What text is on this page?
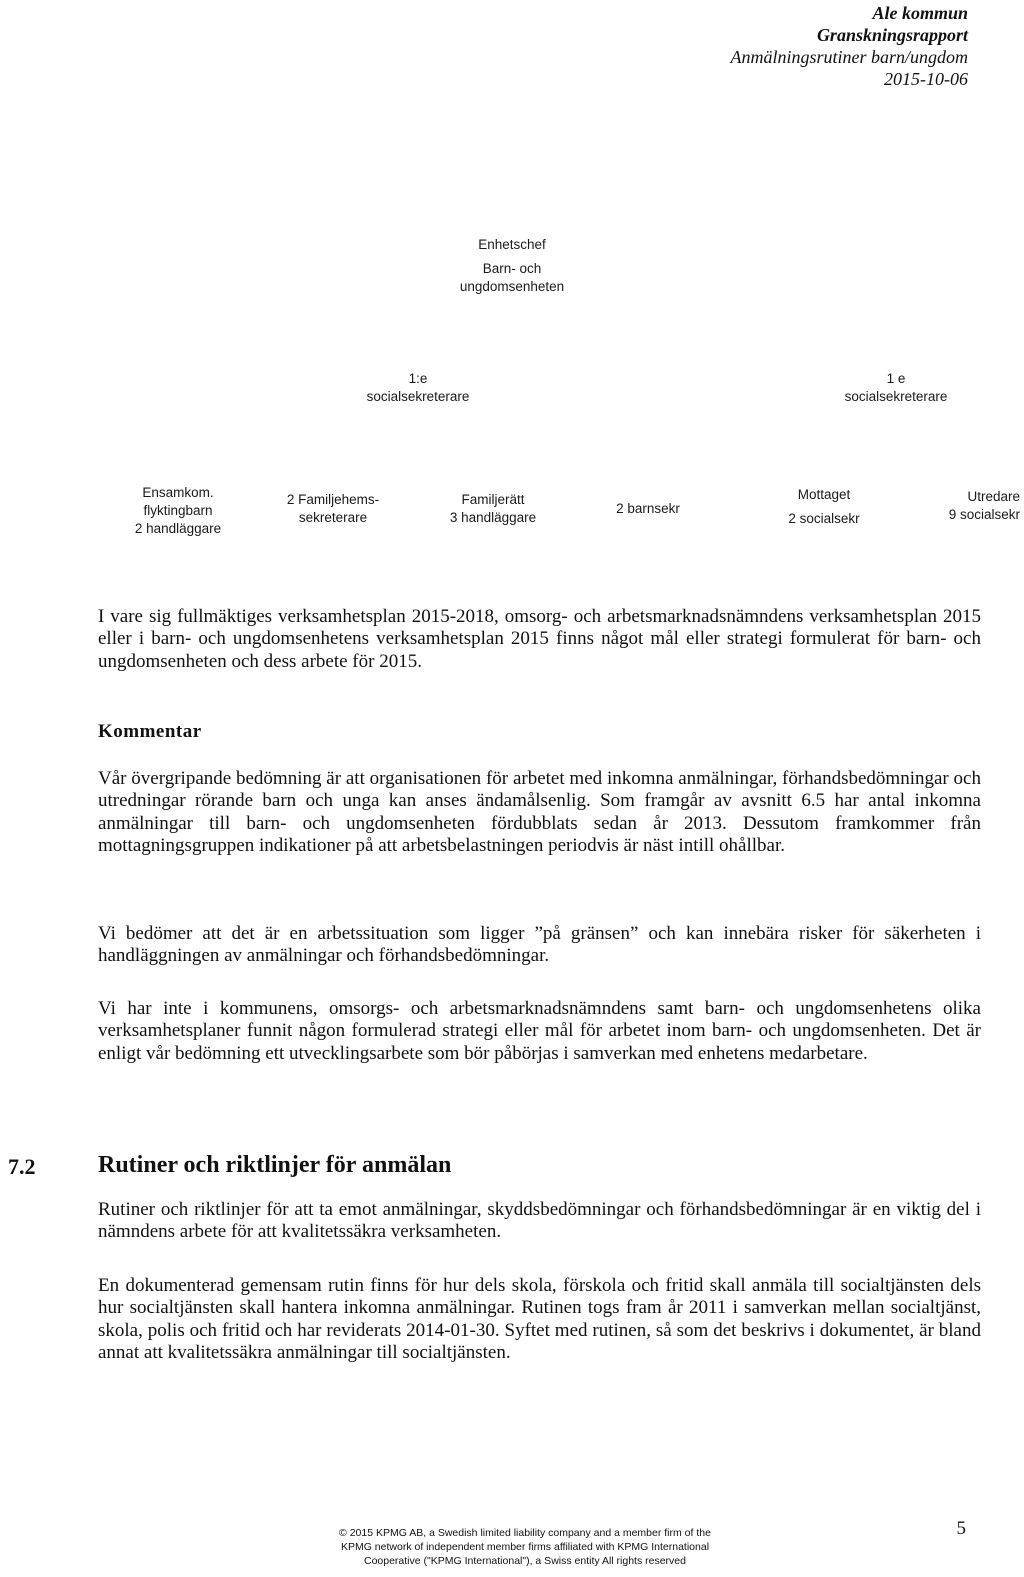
Ale kommun
Granskningsrapport
Anmälningsrutiner barn/ungdom
2015-10-06
Enhetschef
Barn- och
ungdomsenheten
1:e
socialsekreterare
1 e
socialsekreterare
Ensamkom.
flyktingbarn
2 handläggare
2 Familjehems-
sekreterare
Familjerätt
3 handläggare
2 barnsekr
Mottaget
2 socialsekr
Utredare
9 socialsekr

I vare sig fullmäktiges verksamhetsplan 2015-2018, omsorg- och arbetsmarknadsnämndens verksamhetsplan 2015 eller i barn- och ungdomsenhetens verksamhetsplan 2015 finns något mål eller strategi formulerat för barn- och ungdomsenheten och dess arbete för 2015.

Kommentar

Vår övergripande bedömning är att organisationen för arbetet med inkomna anmälningar, förhandsbedömningar och utredningar rörande barn och unga kan anses ändamålsenlig. Som framgår av avsnitt 6.5 har antal inkomna anmälningar till barn- och ungdomsenheten fördubblats sedan år 2013. Dessutom framkommer från mottagningsgruppen indikationer på att arbetsbelastningen periodvis är näst intill ohållbar.

Vi bedömer att det är en arbetssituation som ligger ”på gränsen” och kan innebära risker för säkerheten i handläggningen av anmälningar och förhandsbedömningar.

Vi har inte i kommunens, omsorgs- och arbetsmarknadsnämndens samt barn- och ungdomsenhetens olika verksamhetsplaner funnit någon formulerad strategi eller mål för arbetet inom barn- och ungdomsenheten. Det är enligt vår bedömning ett utvecklingsarbete som bör påbörjas i samverkan med enhetens medarbetare.

7.2	Rutiner och riktlinjer för anmälan

Rutiner och riktlinjer för att ta emot anmälningar, skyddsbedömningar och förhandsbedömningar är en viktig del i nämndens arbete för att kvalitetssäkra verksamheten.

En dokumenterad gemensam rutin finns för hur dels skola, förskola och fritid skall anmäla till socialtjänsten dels hur socialtjänsten skall hantera inkomna anmälningar. Rutinen togs fram år 2011 i samverkan mellan socialtjänst, skola, polis och fritid och har reviderats 2014-01-30. Syftet med rutinen, så som det beskrivs i dokumentet, är bland annat att kvalitetssäkra anmälningar till socialtjänsten.

© 2015 KPMG AB, a Swedish limited liability company and a member firm of the
KPMG network of independent member firms affiliated with KPMG International
Cooperative ("KPMG International"), a Swiss entity All rights reserved
5
